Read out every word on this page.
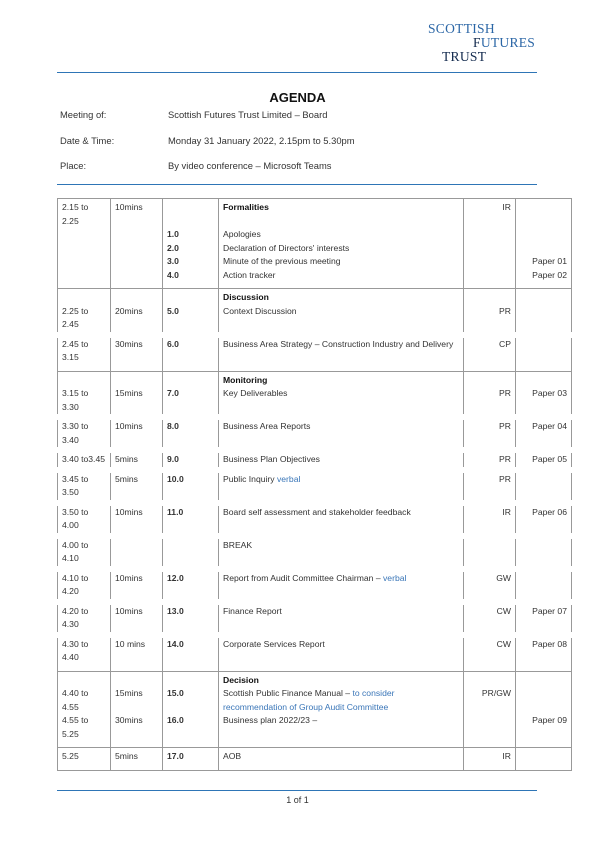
SCOTTISH
FUTURES
TRUST
AGENDA
Meeting of:	Scottish Futures Trust Limited – Board
Date & Time:	Monday 31 January 2022, 2.15pm to 5.30pm
Place:	By video conference – Microsoft Teams
2.15 to 2.25	10mins		Formalities	IR	
		1.0	Apologies		
		2.0	Declaration of Directors' interests		
		3.0	Minute of the previous meeting		Paper 01
		4.0	Action tracker		Paper 02
			Discussion		
2.25 to 2.45	20mins	5.0	Context Discussion	PR	

2.45 to 3.15	30mins	6.0	Business Area Strategy – Construction Industry and Delivery	CP	
			Monitoring		
3.15 to 3.30	15mins	7.0	Key Deliverables	PR	Paper 03

3.30 to 3.40	10mins	8.0	Business Area Reports	PR	Paper 04

3.40 to3.45	5mins	9.0	Business Plan Objectives	PR	Paper 05

3.45 to 3.50	5mins	10.0	Public Inquiry verbal	PR	

3.50 to 4.00	10mins	11.0	Board self assessment and stakeholder feedback	IR	Paper 06

4.00 to 4.10			BREAK		

4.10 to 4.20	10mins	12.0	Report from Audit Committee Chairman – verbal	GW	

4.20 to 4.30	10mins	13.0	Finance Report	CW	Paper 07

4.30 to 4.40	10 mins	14.0	Corporate Services Report	CW	Paper 08
			Decision		
4.40 to 4.55	15mins	15.0	Scottish Public Finance Manual – to consider recommendation of Group Audit Committee	PR/GW	
4.55 to 5.25	30mins	16.0	Business plan 2022/23 –		Paper 09
5.25	5mins	17.0	AOB	IR	
1 of 1
